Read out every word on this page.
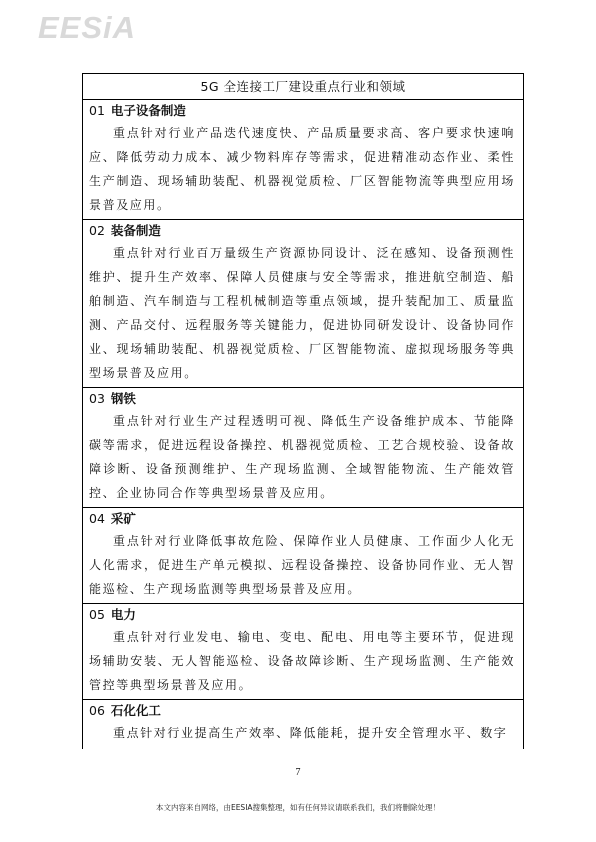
EESiA
5G 全连接工厂建设重点行业和领域
01 电子设备制造
重点针对行业产品迭代速度快、产品质量要求高、客户要求快速响应、降低劳动力成本、减少物料库存等需求，促进精准动态作业、柔性生产制造、现场辅助装配、机器视觉质检、厂区智能物流等典型应用场景普及应用。
02 装备制造
重点针对行业百万量级生产资源协同设计、泛在感知、设备预测性维护、提升生产效率、保障人员健康与安全等需求，推进航空制造、船舶制造、汽车制造与工程机械制造等重点领域，提升装配加工、质量监测、产品交付、远程服务等关键能力，促进协同研发设计、设备协同作业、现场辅助装配、机器视觉质检、厂区智能物流、虚拟现场服务等典型场景普及应用。
03 钢铁
重点针对行业生产过程透明可视、降低生产设备维护成本、节能降碳等需求，促进远程设备操控、机器视觉质检、工艺合规校验、设备故障诊断、设备预测维护、生产现场监测、全域智能物流、生产能效管控、企业协同合作等典型场景普及应用。
04 采矿
重点针对行业降低事故危险、保障作业人员健康、工作面少人化无人化需求，促进生产单元模拟、远程设备操控、设备协同作业、无人智能巡检、生产现场监测等典型场景普及应用。
05 电力
重点针对行业发电、输电、变电、配电、用电等主要环节，促进现场辅助安装、无人智能巡检、设备故障诊断、生产现场监测、生产能效管控等典型场景普及应用。
06 石化化工
重点针对行业提高生产效率、降低能耗，提升安全管理水平、数字
7
本文内容来自网络，由EESIA搜集整理，如有任何异议请联系我们，我们将删除处理！
